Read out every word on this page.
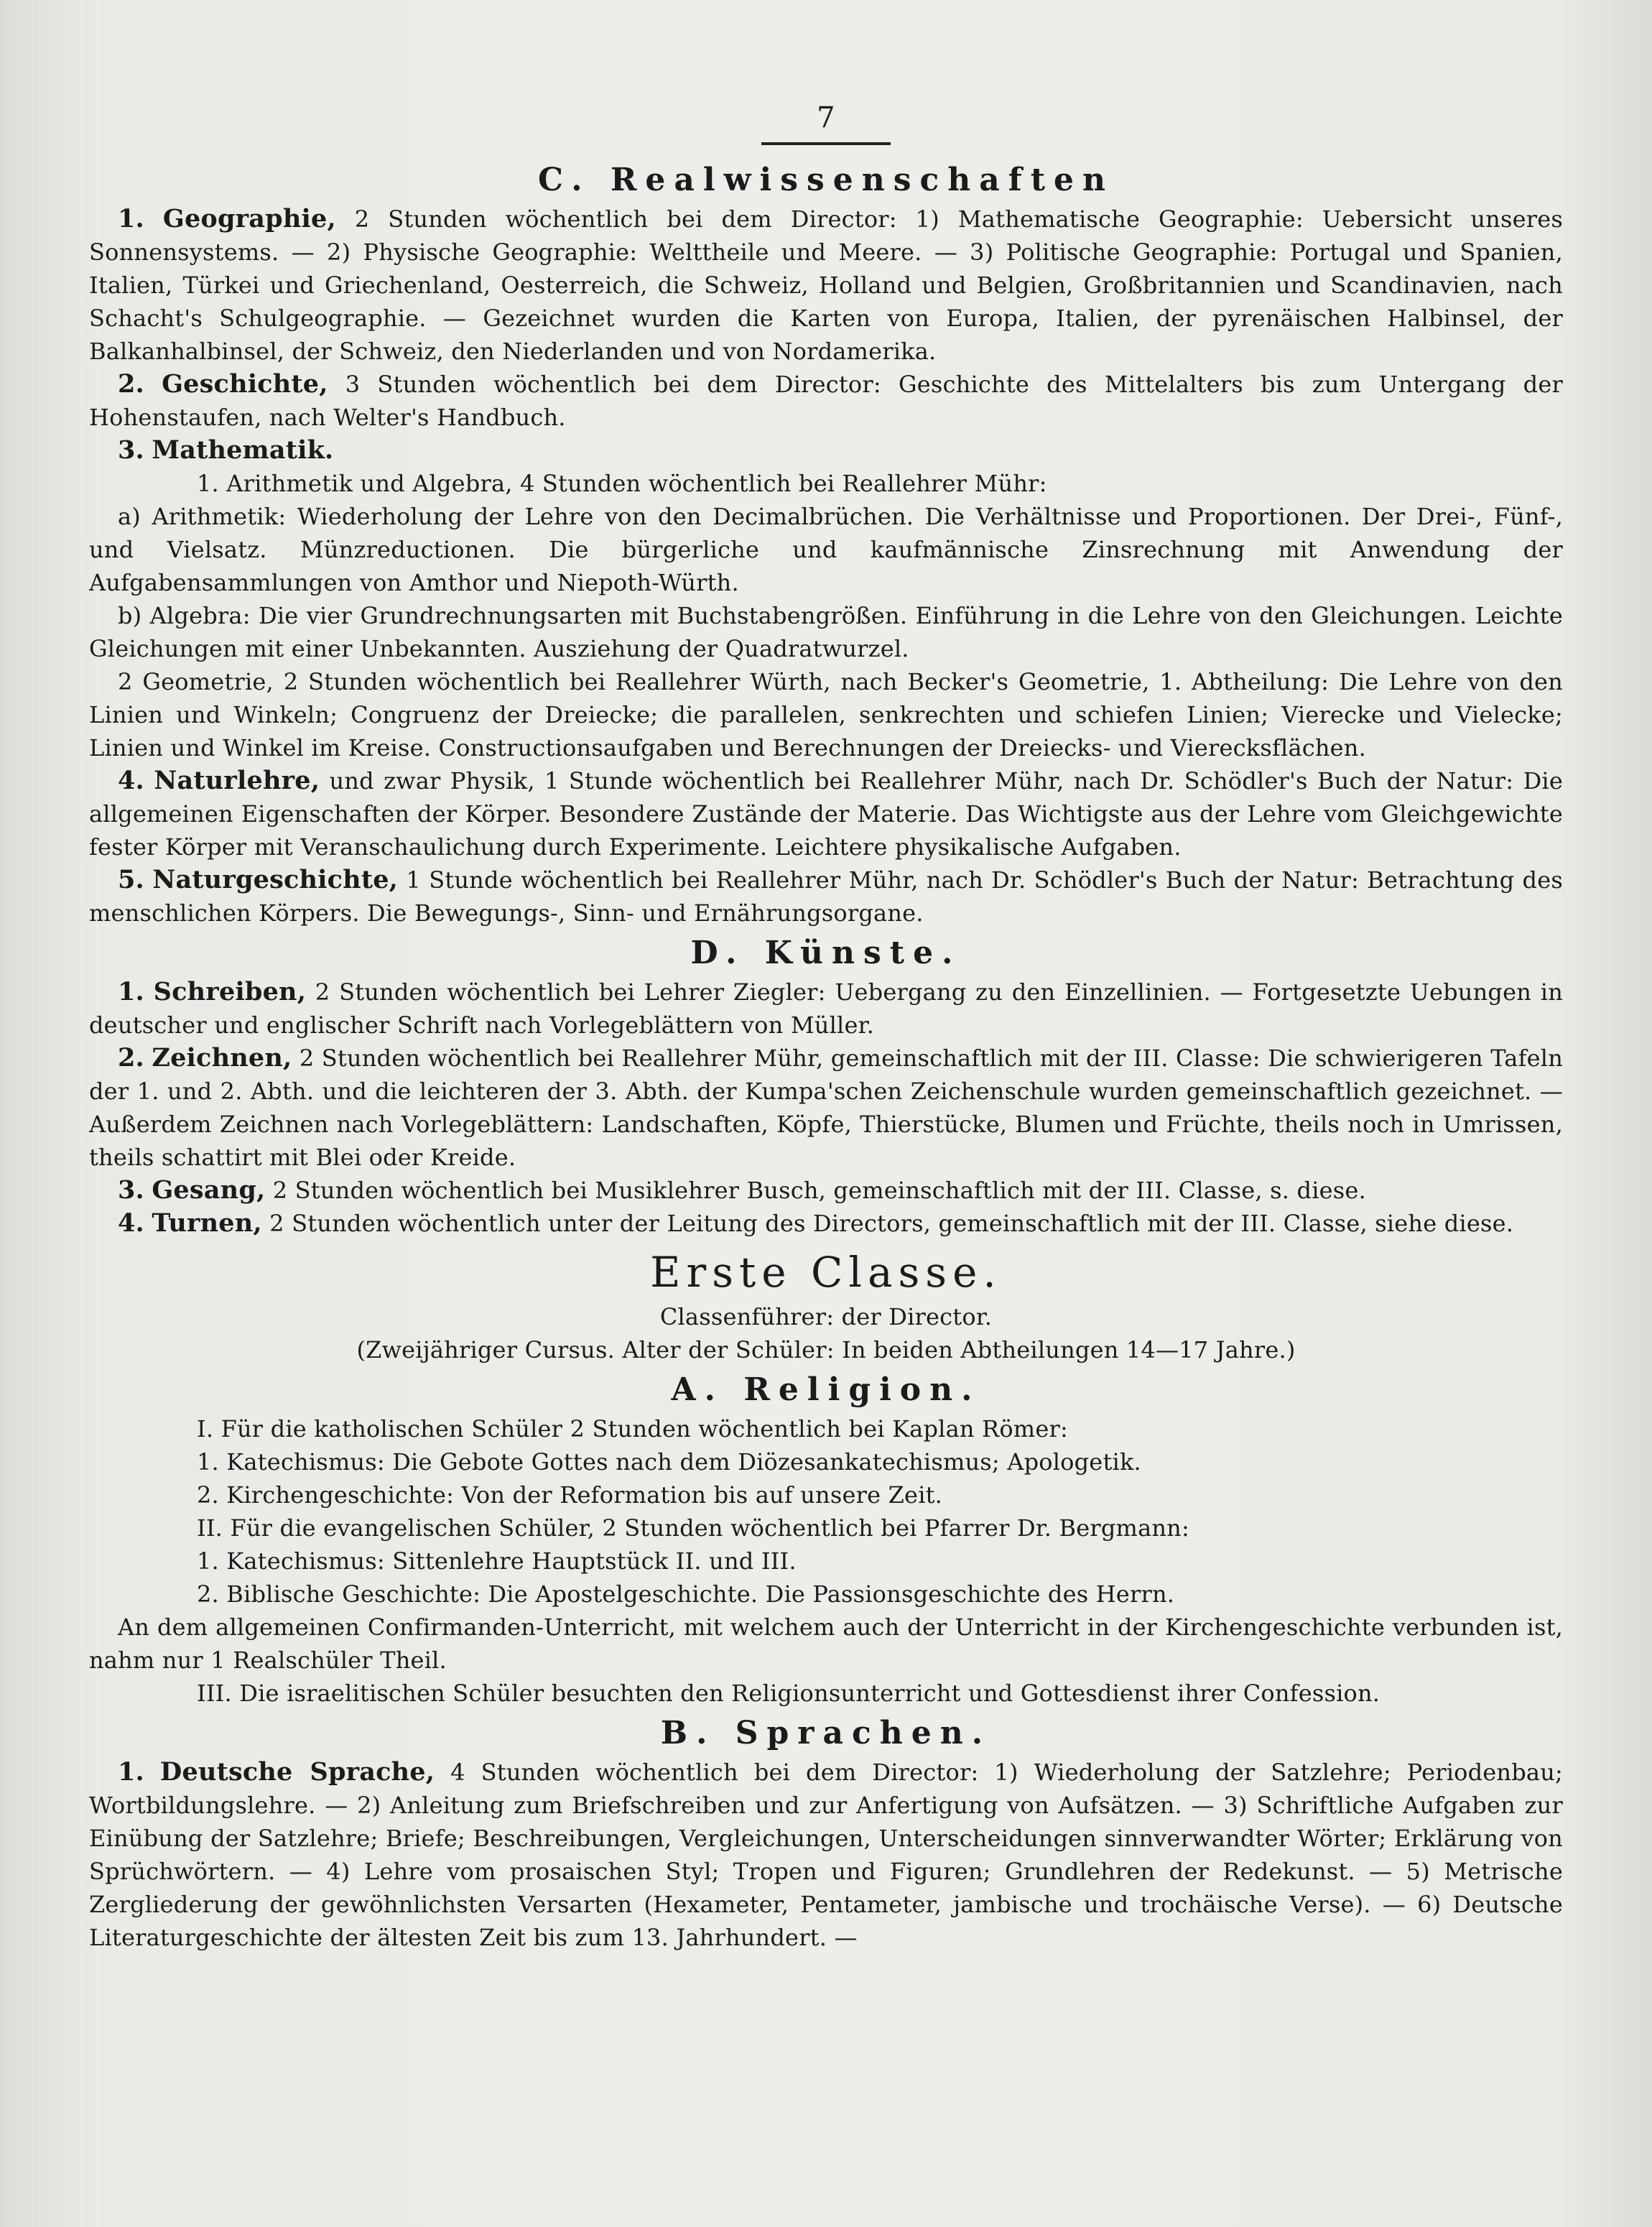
7
C. Realwissenschaften

1. Geographie, 2 Stunden wöchentlich bei dem Director: 1) Mathematische Geographie: Uebersicht unseres Sonnensystems. — 2) Physische Geographie: Welttheile und Meere. — 3) Politische Geographie: Portugal und Spanien, Italien, Türkei und Griechenland, Oesterreich, die Schweiz, Holland und Belgien, Großbritannien und Scandinavien, nach Schacht's Schulgeographie. — Gezeichnet wurden die Karten von Europa, Italien, der pyrenäischen Halbinsel, der Balkanhalbinsel, der Schweiz, den Niederlanden und von Nordamerika.

2. Geschichte, 3 Stunden wöchentlich bei dem Director: Geschichte des Mittelalters bis zum Untergang der Hohenstaufen, nach Welter's Handbuch.

3. Mathematik.

1. Arithmetik und Algebra, 4 Stunden wöchentlich bei Reallehrer Mühr:

a) Arithmetik: Wiederholung der Lehre von den Decimalbrüchen. Die Verhältnisse und Proportionen. Der Drei-, Fünf-, und Vielsatz. Münzreductionen. Die bürgerliche und kaufmännische Zinsrechnung mit Anwendung der Aufgabensammlungen von Amthor und Niepoth-Würth.

b) Algebra: Die vier Grundrechnungsarten mit Buchstabengrößen. Einführung in die Lehre von den Gleichungen. Leichte Gleichungen mit einer Unbekannten. Ausziehung der Quadratwurzel.

2 Geometrie, 2 Stunden wöchentlich bei Reallehrer Würth, nach Becker's Geometrie, 1. Abtheilung: Die Lehre von den Linien und Winkeln; Congruenz der Dreiecke; die parallelen, senkrechten und schiefen Linien; Vierecke und Vielecke; Linien und Winkel im Kreise. Constructionsaufgaben und Berechnungen der Dreiecks- und Vierecksflächen.

4. Naturlehre, und zwar Physik, 1 Stunde wöchentlich bei Reallehrer Mühr, nach Dr. Schödler's Buch der Natur: Die allgemeinen Eigenschaften der Körper. Besondere Zustände der Materie. Das Wichtigste aus der Lehre vom Gleichgewichte fester Körper mit Veranschaulichung durch Experimente. Leichtere physikalische Aufgaben.

5. Naturgeschichte, 1 Stunde wöchentlich bei Reallehrer Mühr, nach Dr. Schödler's Buch der Natur: Betrachtung des menschlichen Körpers. Die Bewegungs-, Sinn- und Ernährungsorgane.

D. Künste.

1. Schreiben, 2 Stunden wöchentlich bei Lehrer Ziegler: Uebergang zu den Einzellinien. — Fortgesetzte Uebungen in deutscher und englischer Schrift nach Vorlegeblättern von Müller.

2. Zeichnen, 2 Stunden wöchentlich bei Reallehrer Mühr, gemeinschaftlich mit der III. Classe: Die schwierigeren Tafeln der 1. und 2. Abth. und die leichteren der 3. Abth. der Kumpa'schen Zeichenschule wurden gemeinschaftlich gezeichnet. — Außerdem Zeichnen nach Vorlegeblättern: Landschaften, Köpfe, Thierstücke, Blumen und Früchte, theils noch in Umrissen, theils schattirt mit Blei oder Kreide.

3. Gesang, 2 Stunden wöchentlich bei Musiklehrer Busch, gemeinschaftlich mit der III. Classe, s. diese.

4. Turnen, 2 Stunden wöchentlich unter der Leitung des Directors, gemeinschaftlich mit der III. Classe, siehe diese.

Erste Classe.
Classenführer: der Director.
(Zweijähriger Cursus. Alter der Schüler: In beiden Abtheilungen 14—17 Jahre.)
A. Religion.

I. Für die katholischen Schüler 2 Stunden wöchentlich bei Kaplan Römer:

1. Katechismus: Die Gebote Gottes nach dem Diözesankatechismus; Apologetik.

2. Kirchengeschichte: Von der Reformation bis auf unsere Zeit.

II. Für die evangelischen Schüler, 2 Stunden wöchentlich bei Pfarrer Dr. Bergmann:

1. Katechismus: Sittenlehre Hauptstück II. und III.

2. Biblische Geschichte: Die Apostelgeschichte. Die Passionsgeschichte des Herrn.

An dem allgemeinen Confirmanden-Unterricht, mit welchem auch der Unterricht in der Kirchengeschichte verbunden ist, nahm nur 1 Realschüler Theil.

III. Die israelitischen Schüler besuchten den Religionsunterricht und Gottesdienst ihrer Confession.

B. Sprachen.

1. Deutsche Sprache, 4 Stunden wöchentlich bei dem Director: 1) Wiederholung der Satzlehre; Periodenbau; Wortbildungslehre. — 2) Anleitung zum Briefschreiben und zur Anfertigung von Aufsätzen. — 3) Schriftliche Aufgaben zur Einübung der Satzlehre; Briefe; Beschreibungen, Vergleichungen, Unterscheidungen sinnverwandter Wörter; Erklärung von Sprüchwörtern. — 4) Lehre vom prosaischen Styl; Tropen und Figuren; Grundlehren der Redekunst. — 5) Metrische Zergliederung der gewöhnlichsten Versarten (Hexameter, Pentameter, jambische und trochäische Verse). — 6) Deutsche Literaturgeschichte der ältesten Zeit bis zum 13. Jahrhundert. —
